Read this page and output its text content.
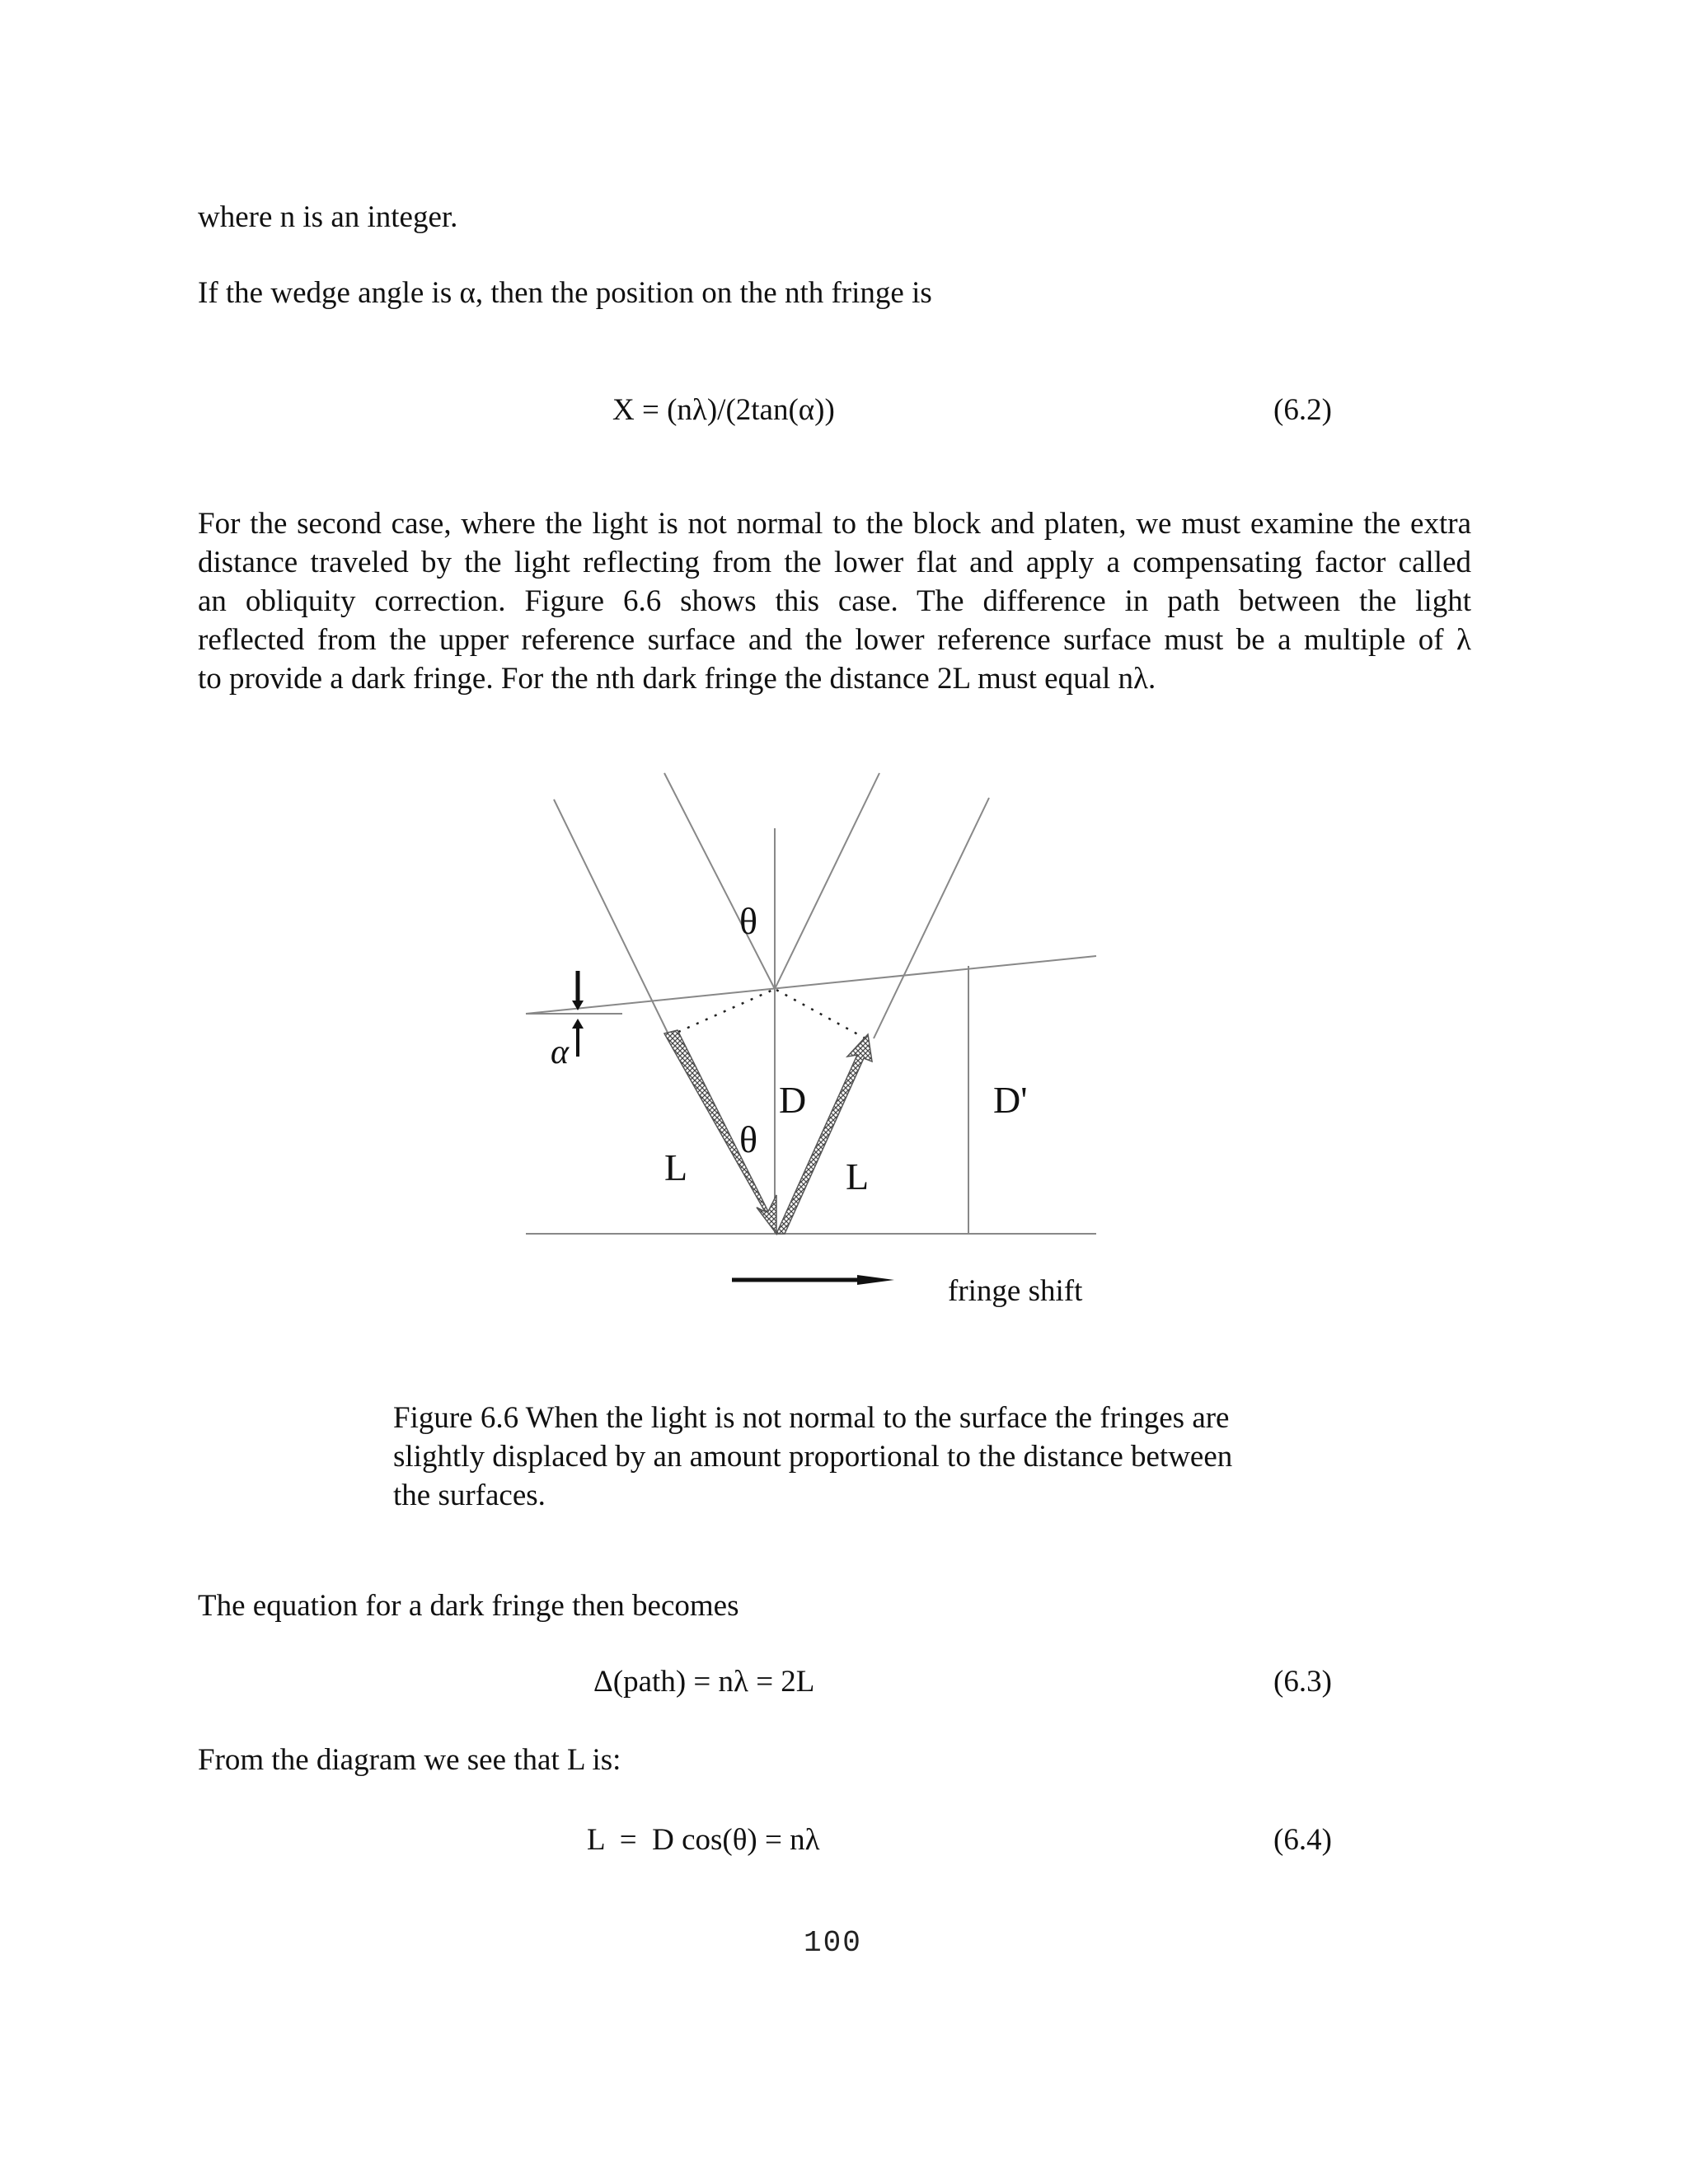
where n is an integer.

If the wedge angle is α, then the position on the nth fringe is

X = (nλ)/(2tan(α))	(6.2)
For the second case, where the light is not normal to the block and platen, we must examine the extra
distance traveled by the light reflecting from the lower flat and apply a compensating factor called
an obliquity correction. Figure 6.6 shows this case. The difference in path between the light
reflected from the upper reference surface and the lower reference surface must be a multiple of λ
to provide a dark fringe. For the nth dark fringe the distance 2L must equal nλ.
θ
θ
α
D	D'
L	L
fringe shift
Figure 6.6 When the light is not normal to the surface the fringes are
slightly displaced by an amount proportional to the distance between
the surfaces.

The equation for a dark fringe then becomes

Δ(path) = nλ = 2L	(6.3)

From the diagram we see that L is:

L  =  D cos(θ) = nλ	(6.4)
100
